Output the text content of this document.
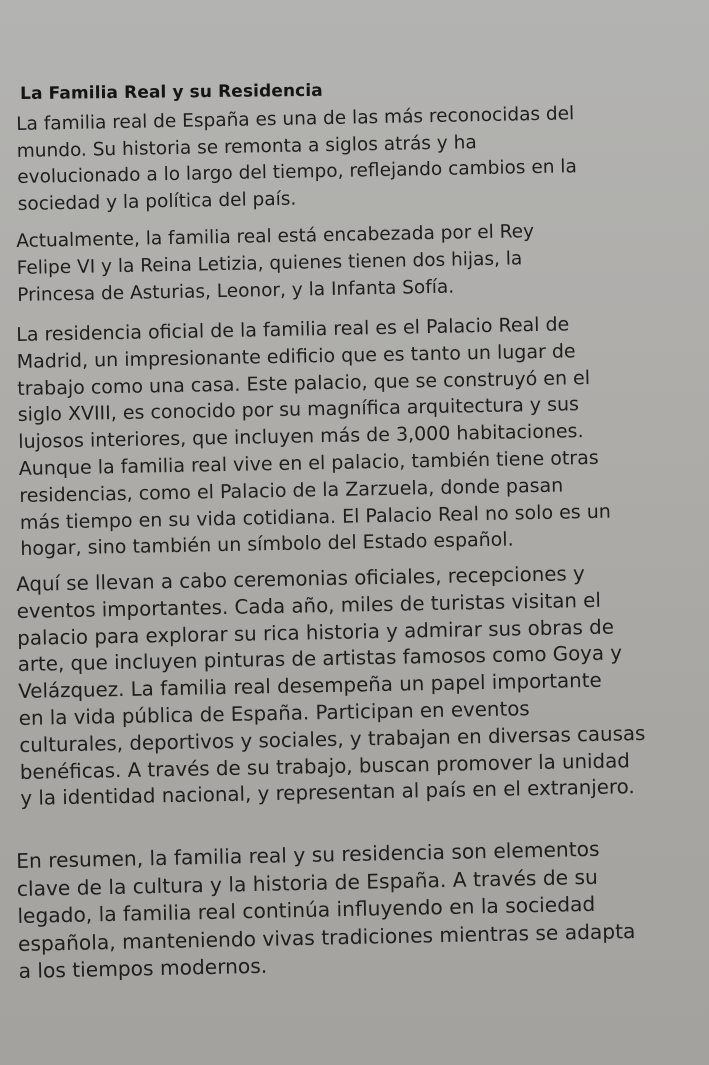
La Familia Real y su Residencia
La familia real de España es una de las más reconocidas del
mundo. Su historia se remonta a siglos atrás y ha
evolucionado a lo largo del tiempo, reflejando cambios en la
sociedad y la política del país.
Actualmente, la familia real está encabezada por el Rey
Felipe VI y la Reina Letizia, quienes tienen dos hijas, la
Princesa de Asturias, Leonor, y la Infanta Sofía.
La residencia oficial de la familia real es el Palacio Real de
Madrid, un impresionante edificio que es tanto un lugar de
trabajo como una casa. Este palacio, que se construyó en el
siglo XVIII, es conocido por su magnífica arquitectura y sus
lujosos interiores, que incluyen más de 3,000 habitaciones.
Aunque la familia real vive en el palacio, también tiene otras
residencias, como el Palacio de la Zarzuela, donde pasan
más tiempo en su vida cotidiana. El Palacio Real no solo es un
hogar, sino también un símbolo del Estado español.
Aquí se llevan a cabo ceremonias oficiales, recepciones y
eventos importantes. Cada año, miles de turistas visitan el
palacio para explorar su rica historia y admirar sus obras de
arte, que incluyen pinturas de artistas famosos como Goya y
Velázquez. La familia real desempeña un papel importante
en la vida pública de España. Participan en eventos
culturales, deportivos y sociales, y trabajan en diversas causas
benéficas. A través de su trabajo, buscan promover la unidad
y la identidad nacional, y representan al país en el extranjero.
En resumen, la familia real y su residencia son elementos
clave de la cultura y la historia de España. A través de su
legado, la familia real continúa influyendo en la sociedad
española, manteniendo vivas tradiciones mientras se adapta
a los tiempos modernos.
